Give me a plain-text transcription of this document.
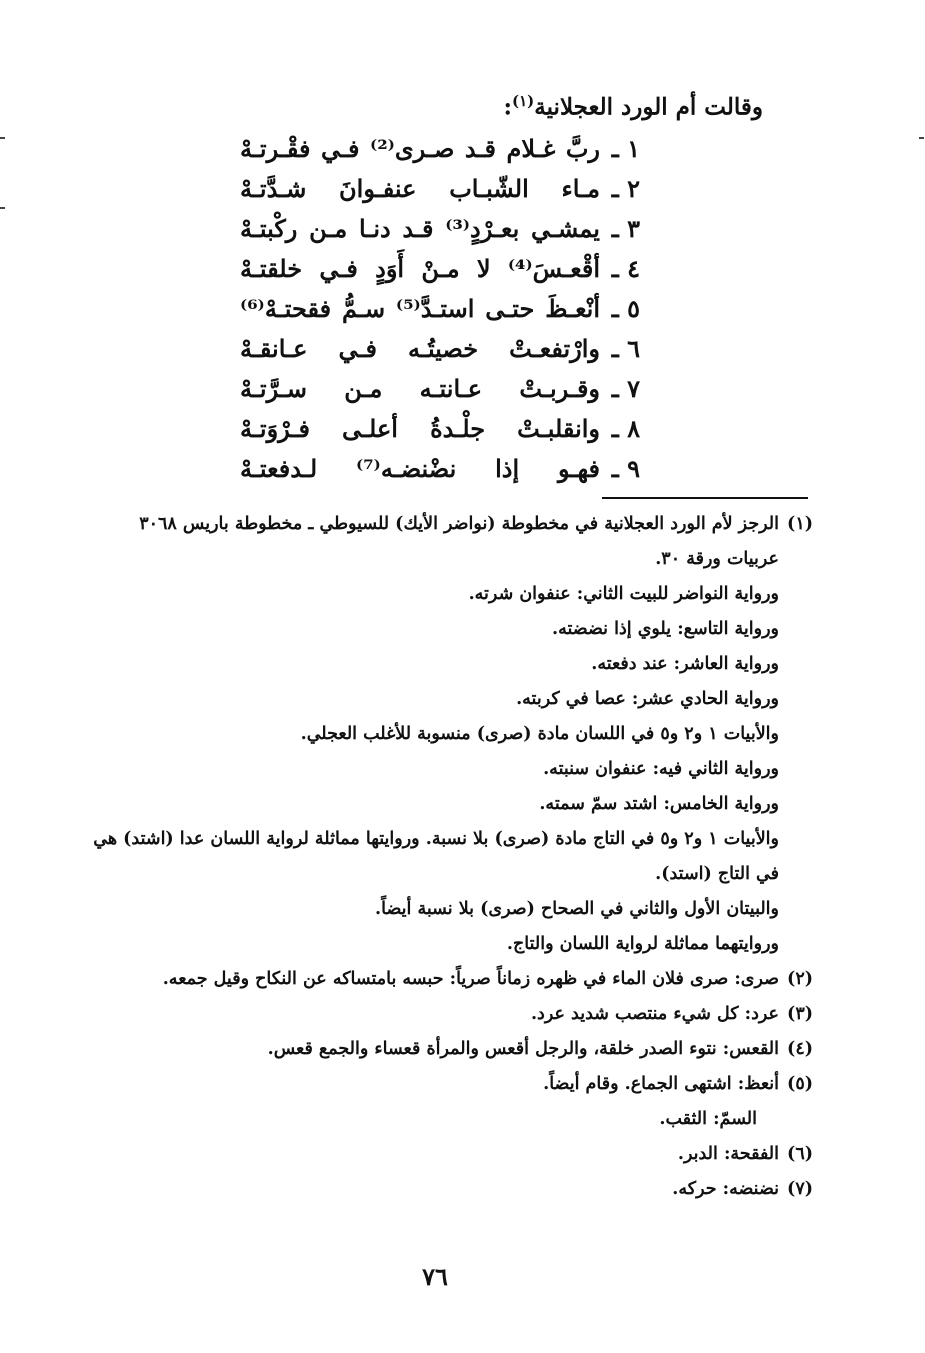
وقالت أم الورد العجلانية$^{(١)}$:
١ ـ
ربَّ غـلام قـد صـرى⁽²⁾ فـي فقْـرتـهْ
٢ ـ
مـاء الشّبـاب عنفـوانَ شـدَّتـهْ
٣ ـ
يمشـي بعـرْدٍ⁽³⁾ قـد دنـا مـن ركْبتـهْ
٤ ـ
أقْعـسَ⁽⁴⁾ لا مـنْ أَوَدٍ فـي خلقتـهْ
٥ ـ
أنْعـظَ حتـى استـدَّ⁽⁵⁾ سـمُّ فقحتـهْ⁽⁶⁾
٦ ـ
وارْتفعـتْ خصيتُـه فـي عـانقـهْ
٧ ـ
وقـربـتْ عـانتـه مـن سـرَّتـهْ
٨ ـ
وانقلبـتْ جلْـدةُ أعلـى فـرْوَتـهْ
٩ ـ
فهـو إذا نضْنضـه⁽⁷⁾ لـدفعتـهْ
(١)الرجز لأم الورد العجلانية في مخطوطة (نواضر الأيك) للسيوطي ـ مخطوطة باريس ٣٠٦٨
عربيات ورقة ٣٠.
ورواية النواضر للبيت الثاني: عنفوان شرته.
ورواية التاسع: يلوي إذا نضضته.
ورواية العاشر: عند دفعته.
ورواية الحادي عشر: عصا في كربته.
والأبيات ١ و٢ و٥ في اللسان مادة (صرى) منسوبة للأغلب العجلي.
ورواية الثاني فيه: عنفوان سنبته.
ورواية الخامس: اشتد سمّ سمته.
والأبيات ١ و٢ و٥ في التاج مادة (صرى) بلا نسبة. وروايتها مماثلة لرواية اللسان عدا (اشتد) هي
في التاج (استد).
والبيتان الأول والثاني في الصحاح (صرى) بلا نسبة أيضاً.
وروايتهما مماثلة لرواية اللسان والتاج.
(٢)صرى: صرى فلان الماء في ظهره زماناً صرياً: حبسه بامتساكه عن النكاح وقيل جمعه.
(٣)عرد: كل شيء منتصب شديد عرد.
(٤)القعس: نتوء الصدر خلقة، والرجل أقعس والمرأة قعساء والجمع قعس.
(٥)أنعظ: اشتهى الجماع. وقام أيضاً.
السمّ: الثقب.
(٦)الفقحة: الدبر.
(٧)نضنضه: حركه.
٧٦
